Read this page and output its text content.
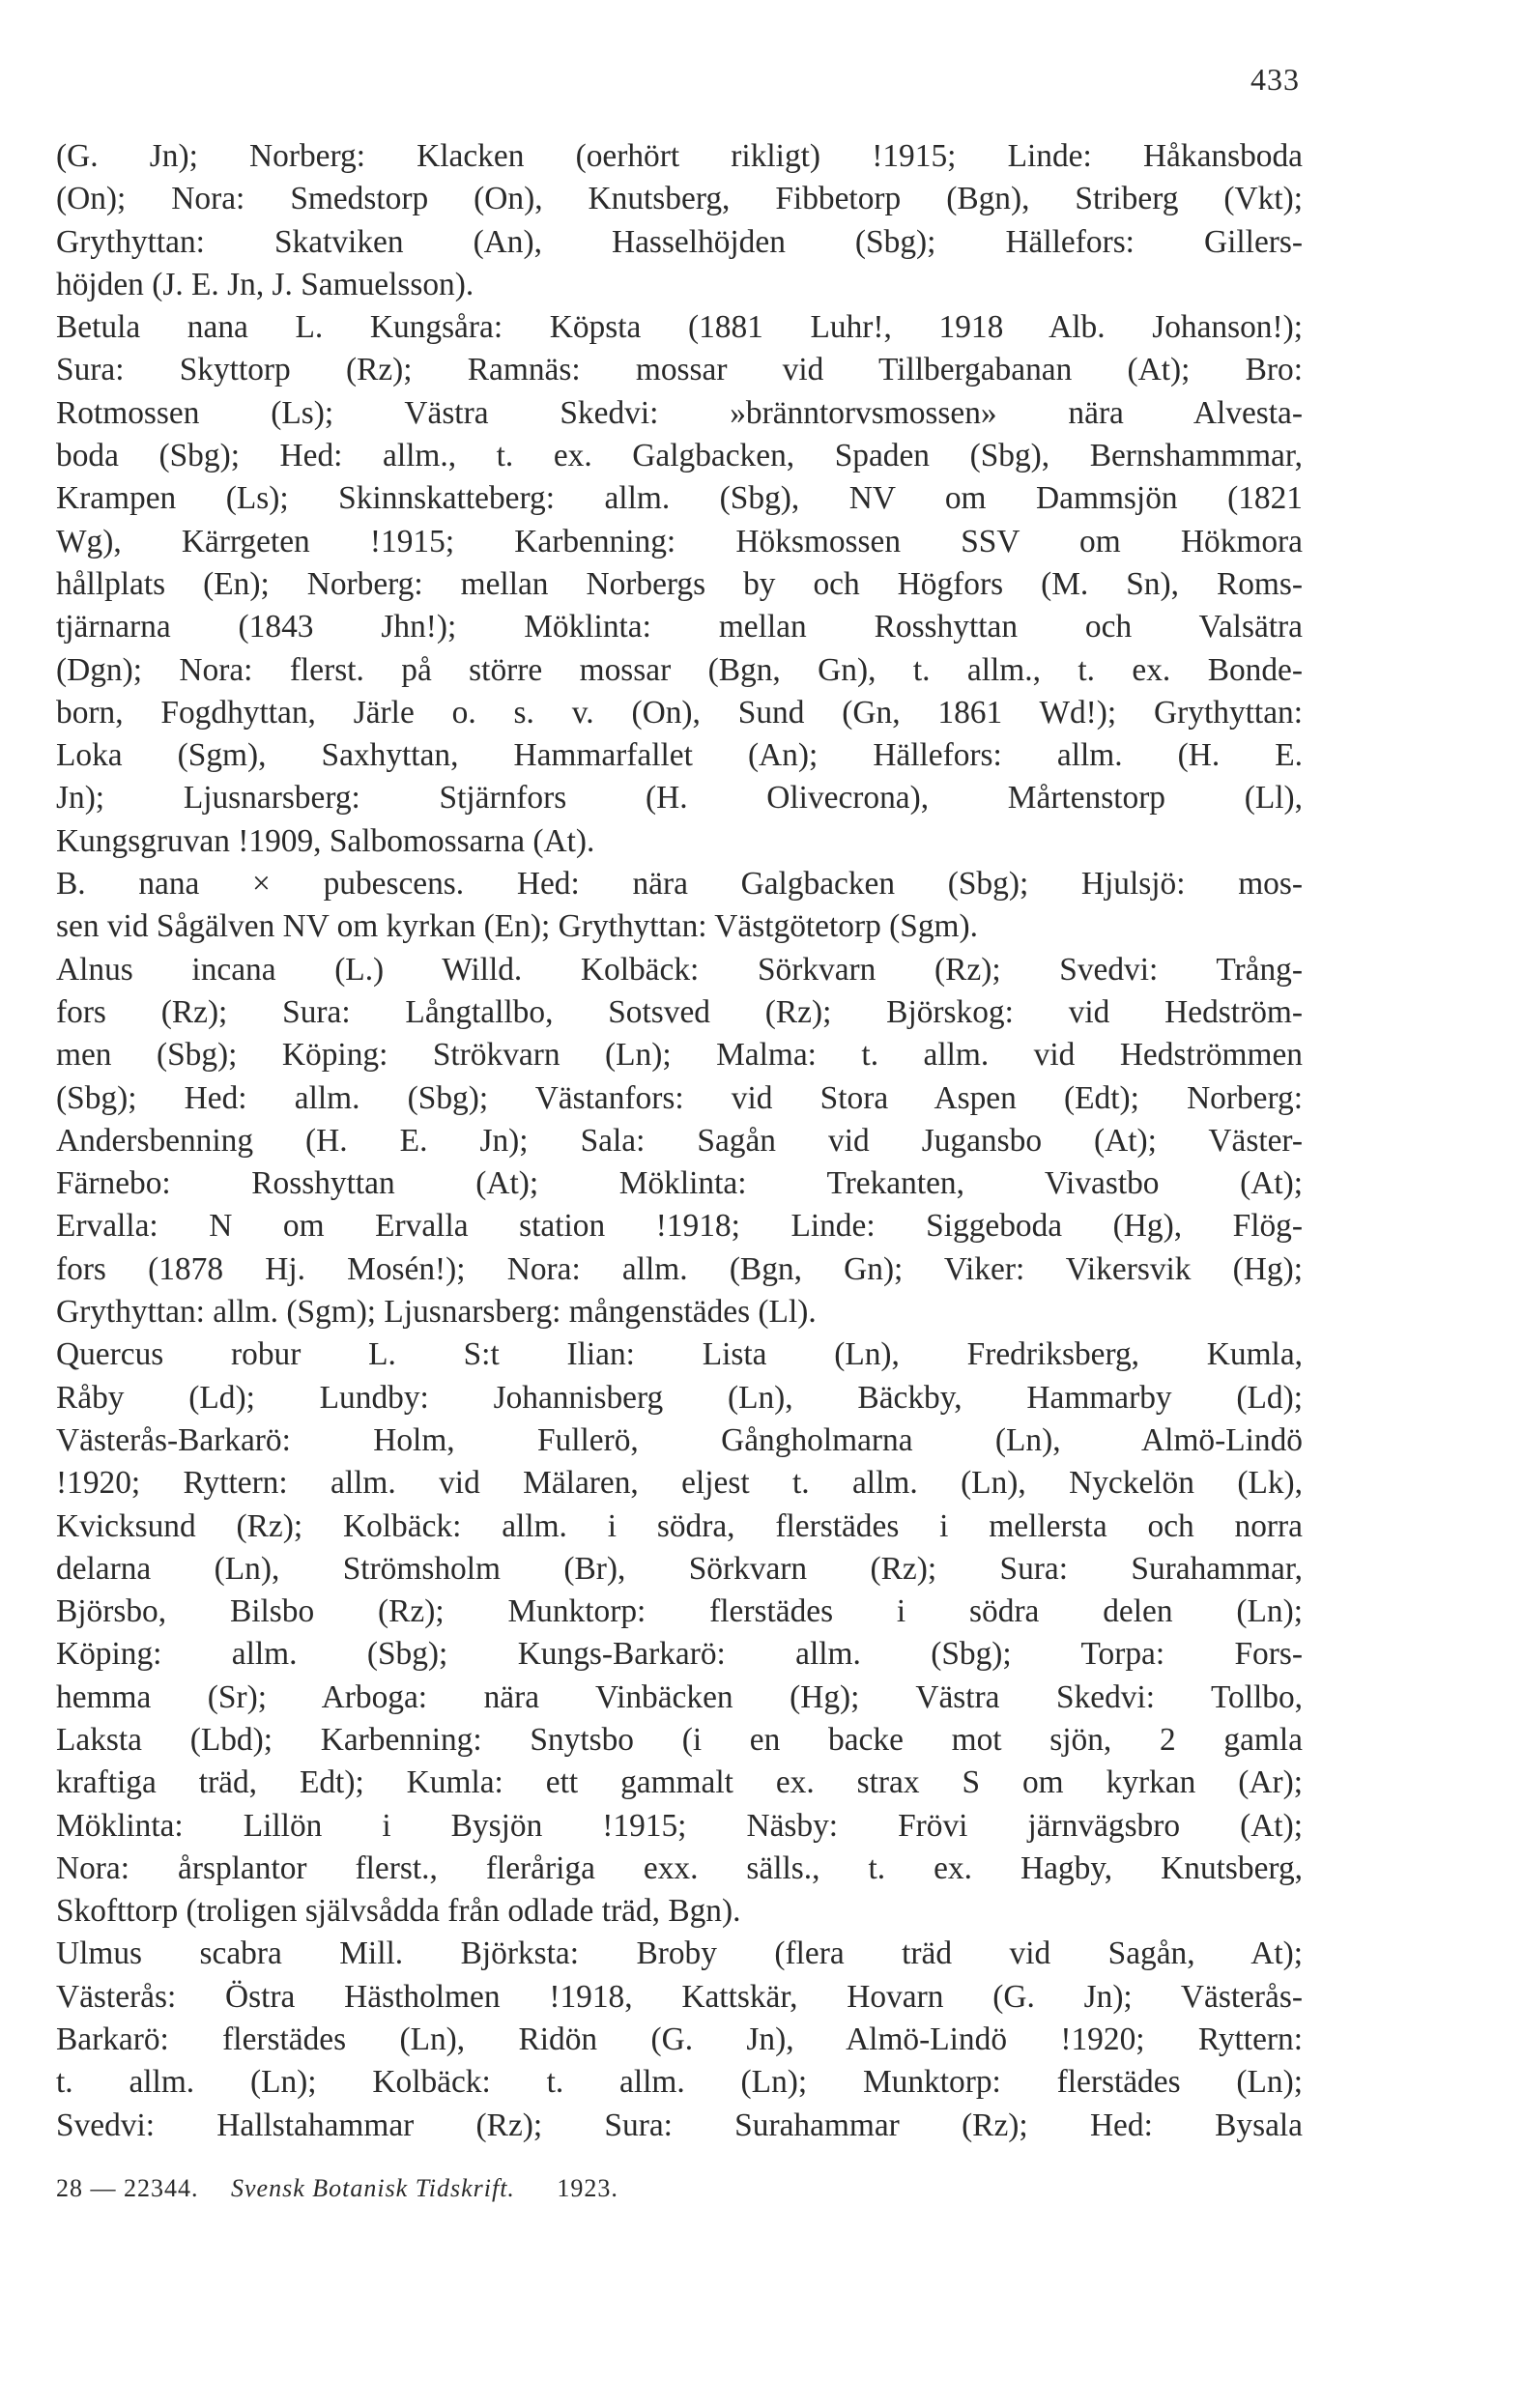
433
(G. Jn); Norberg: Klacken (oerhört rikligt) !1915; Linde: Håkansboda
(On); Nora: Smedstorp (On), Knutsberg, Fibbetorp (Bgn), Striberg (Vkt);
Grythyttan: Skatviken (An), Hasselhöjden (Sbg); Hällefors: Gillers-
höjden (J. E. Jn, J. Samuelsson).
Betula nana L. Kungsåra: Köpsta (1881 Luhr!, 1918 Alb. Johanson!);
Sura: Skyttorp (Rz); Ramnäs: mossar vid Tillbergabanan (At); Bro:
Rotmossen (Ls); Västra Skedvi: »bränntorvsmossen» nära Alvesta-
boda (Sbg); Hed: allm., t. ex. Galgbacken, Spaden (Sbg), Bernshammmar,
Krampen (Ls); Skinnskatteberg: allm. (Sbg), NV om Dammsjön (1821
Wg), Kärrgeten !1915; Karbenning: Höksmossen SSV om Hökmora
hållplats (En); Norberg: mellan Norbergs by och Högfors (M. Sn), Roms-
tjärnarna (1843 Jhn!); Möklinta: mellan Rosshyttan och Valsätra
(Dgn); Nora: flerst. på större mossar (Bgn, Gn), t. allm., t. ex. Bonde-
born, Fogdhyttan, Järle o. s. v. (On), Sund (Gn, 1861 Wd!); Grythyttan:
Loka (Sgm), Saxhyttan, Hammarfallet (An); Hällefors: allm. (H. E.
Jn); Ljusnarsberg: Stjärnfors (H. Olivecrona), Mårtenstorp (Ll),
Kungsgruvan !1909, Salbomossarna (At).
B. nana × pubescens. Hed: nära Galgbacken (Sbg); Hjulsjö: mos-
sen vid Sågälven NV om kyrkan (En); Grythyttan: Västgötetorp (Sgm).
Alnus incana (L.) Willd. Kolbäck: Sörkvarn (Rz); Svedvi: Trång-
fors (Rz); Sura: Långtallbo, Sotsved (Rz); Björskog: vid Hedström-
men (Sbg); Köping: Strökvarn (Ln); Malma: t. allm. vid Hedströmmen
(Sbg); Hed: allm. (Sbg); Västanfors: vid Stora Aspen (Edt); Norberg:
Andersbenning (H. E. Jn); Sala: Sagån vid Jugansbo (At); Väster-
Färnebo: Rosshyttan (At); Möklinta: Trekanten, Vivastbo (At);
Ervalla: N om Ervalla station !1918; Linde: Siggeboda (Hg), Flög-
fors (1878 Hj. Mosén!); Nora: allm. (Bgn, Gn); Viker: Vikersvik (Hg);
Grythyttan: allm. (Sgm); Ljusnarsberg: mångenstädes (Ll).
Quercus robur L. S:t Ilian: Lista (Ln), Fredriksberg, Kumla,
Råby (Ld); Lundby: Johannisberg (Ln), Bäckby, Hammarby (Ld);
Västerås-Barkarö: Holm, Fullerö, Gångholmarna (Ln), Almö-Lindö
!1920; Ryttern: allm. vid Mälaren, eljest t. allm. (Ln), Nyckelön (Lk),
Kvicksund (Rz); Kolbäck: allm. i södra, flerstädes i mellersta och norra
delarna (Ln), Strömsholm (Br), Sörkvarn (Rz); Sura: Surahammar,
Björsbo, Bilsbo (Rz); Munktorp: flerstädes i södra delen (Ln);
Köping: allm. (Sbg); Kungs-Barkarö: allm. (Sbg); Torpa: Fors-
hemma (Sr); Arboga: nära Vinbäcken (Hg); Västra Skedvi: Tollbo,
Laksta (Lbd); Karbenning: Snytsbo (i en backe mot sjön, 2 gamla
kraftiga träd, Edt); Kumla: ett gammalt ex. strax S om kyrkan (Ar);
Möklinta: Lillön i Bysjön !1915; Näsby: Frövi järnvägsbro (At);
Nora: årsplantor flerst., fleråriga exx. sälls., t. ex. Hagby, Knutsberg,
Skofttorp (troligen självsådda från odlade träd, Bgn).
Ulmus scabra Mill. Björksta: Broby (flera träd vid Sagån, At);
Västerås: Östra Hästholmen !1918, Kattskär, Hovarn (G. Jn); Västerås-
Barkarö: flerstädes (Ln), Ridön (G. Jn), Almö-Lindö !1920; Ryttern:
t. allm. (Ln); Kolbäck: t. allm. (Ln); Munktorp: flerstädes (Ln);
Svedvi: Hallstahammar (Rz); Sura: Surahammar (Rz); Hed: Bysala
28 — 22344. Svensk Botanisk Tidskrift. 1923.
